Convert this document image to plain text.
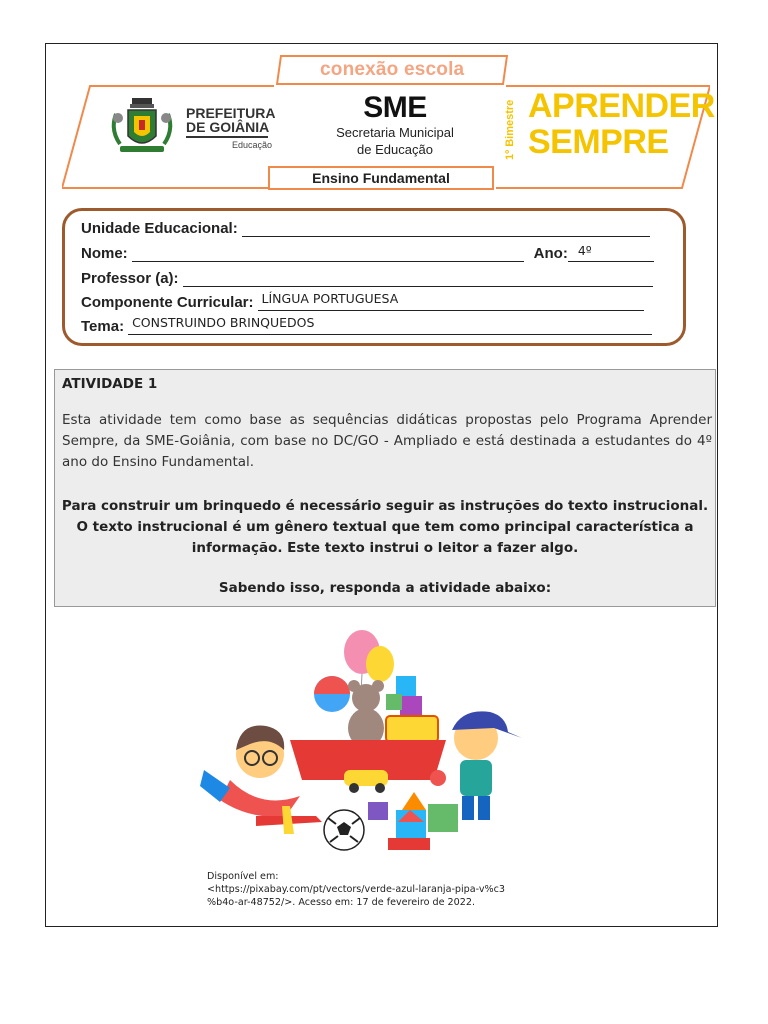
conexão escola
PREFEITURA
DE GOIÂNIA
Educação
SME
Secretaria Municipal
de Educação	1º Bimestre APRENDER
SEMPRE
Ensino Fundamental
Unidade Educacional:
Nome:	Ano: 4º
Professor (a):
Componente Curricular: LÍNGUA PORTUGUESA
Tema: CONSTRUINDO BRINQUEDOS
ATIVIDADE 1
Esta atividade tem como base as sequências didáticas propostas pelo Programa Aprender Sempre, da SME-Goiânia, com base no DC/GO - Ampliado e está destinada a estudantes do 4º ano do Ensino Fundamental.
Para construir um brinquedo é necessário seguir as instruções do texto instrucional.
O texto instrucional é um gênero textual que tem como principal característica a
informação. Este texto instrui o leitor a fazer algo.
Sabendo isso, responda a atividade abaixo:
Disponível em:
<https://pixabay.com/pt/vectors/verde-azul-laranja-pipa-v%c3
%b4o-ar-48752/>. Acesso em: 17 de fevereiro de 2022.
